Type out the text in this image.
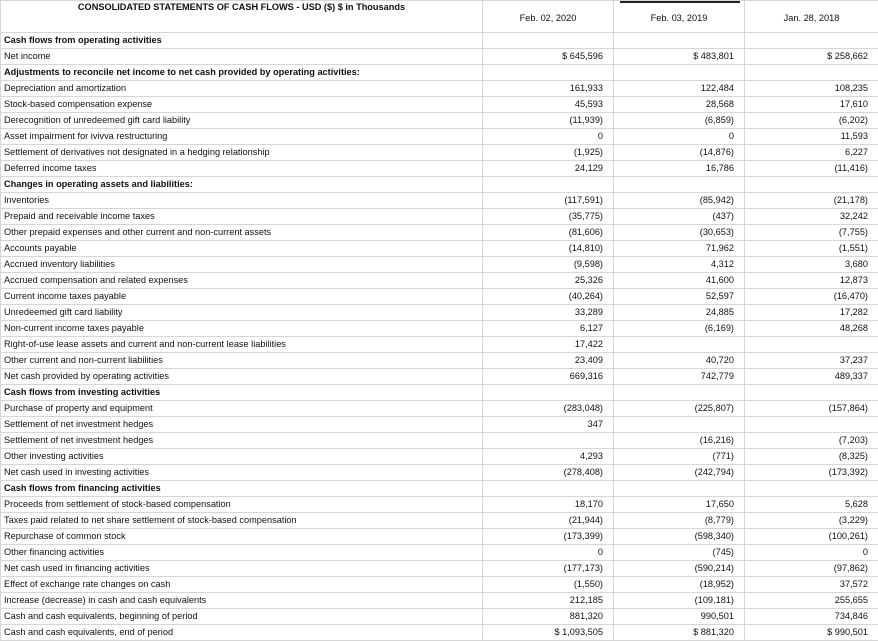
CONSOLIDATED STATEMENTS OF CASH FLOWS - USD ($) $ in Thousands	Feb. 02, 2020	Feb. 03, 2019	Jan. 28, 2018
Cash flows from operating activities			
Net income	$ 645,596	$ 483,801	$ 258,662
Adjustments to reconcile net income to net cash provided by operating activities:			
Depreciation and amortization	161,933	122,484	108,235
Stock-based compensation expense	45,593	28,568	17,610
Derecognition of unredeemed gift card liability	(11,939)	(6,859)	(6,202)
Asset impairment for ivivva restructuring	0	0	11,593
Settlement of derivatives not designated in a hedging relationship	(1,925)	(14,876)	6,227
Deferred income taxes	24,129	16,786	(11,416)
Changes in operating assets and liabilities:			
Inventories	(117,591)	(85,942)	(21,178)
Prepaid and receivable income taxes	(35,775)	(437)	32,242
Other prepaid expenses and other current and non-current assets	(81,606)	(30,653)	(7,755)
Accounts payable	(14,810)	71,962	(1,551)
Accrued inventory liabilities	(9,598)	4,312	3,680
Accrued compensation and related expenses	25,326	41,600	12,873
Current income taxes payable	(40,264)	52,597	(16,470)
Unredeemed gift card liability	33,289	24,885	17,282
Non-current income taxes payable	6,127	(6,169)	48,268
Right-of-use lease assets and current and non-current lease liabilities	17,422		
Other current and non-current liabilities	23,409	40,720	37,237
Net cash provided by operating activities	669,316	742,779	489,337
Cash flows from investing activities			
Purchase of property and equipment	(283,048)	(225,807)	(157,864)
Settlement of net investment hedges	347		
Settlement of net investment hedges		(16,216)	(7,203)
Other investing activities	4,293	(771)	(8,325)
Net cash used in investing activities	(278,408)	(242,794)	(173,392)
Cash flows from financing activities			
Proceeds from settlement of stock-based compensation	18,170	17,650	5,628
Taxes paid related to net share settlement of stock-based compensation	(21,944)	(8,779)	(3,229)
Repurchase of common stock	(173,399)	(598,340)	(100,261)
Other financing activities	0	(745)	0
Net cash used in financing activities	(177,173)	(590,214)	(97,862)
Effect of exchange rate changes on cash	(1,550)	(18,952)	37,572
Increase (decrease) in cash and cash equivalents	212,185	(109,181)	255,655
Cash and cash equivalents, beginning of period	881,320	990,501	734,846
Cash and cash equivalents, end of period	$ 1,093,505	$ 881,320	$ 990,501
